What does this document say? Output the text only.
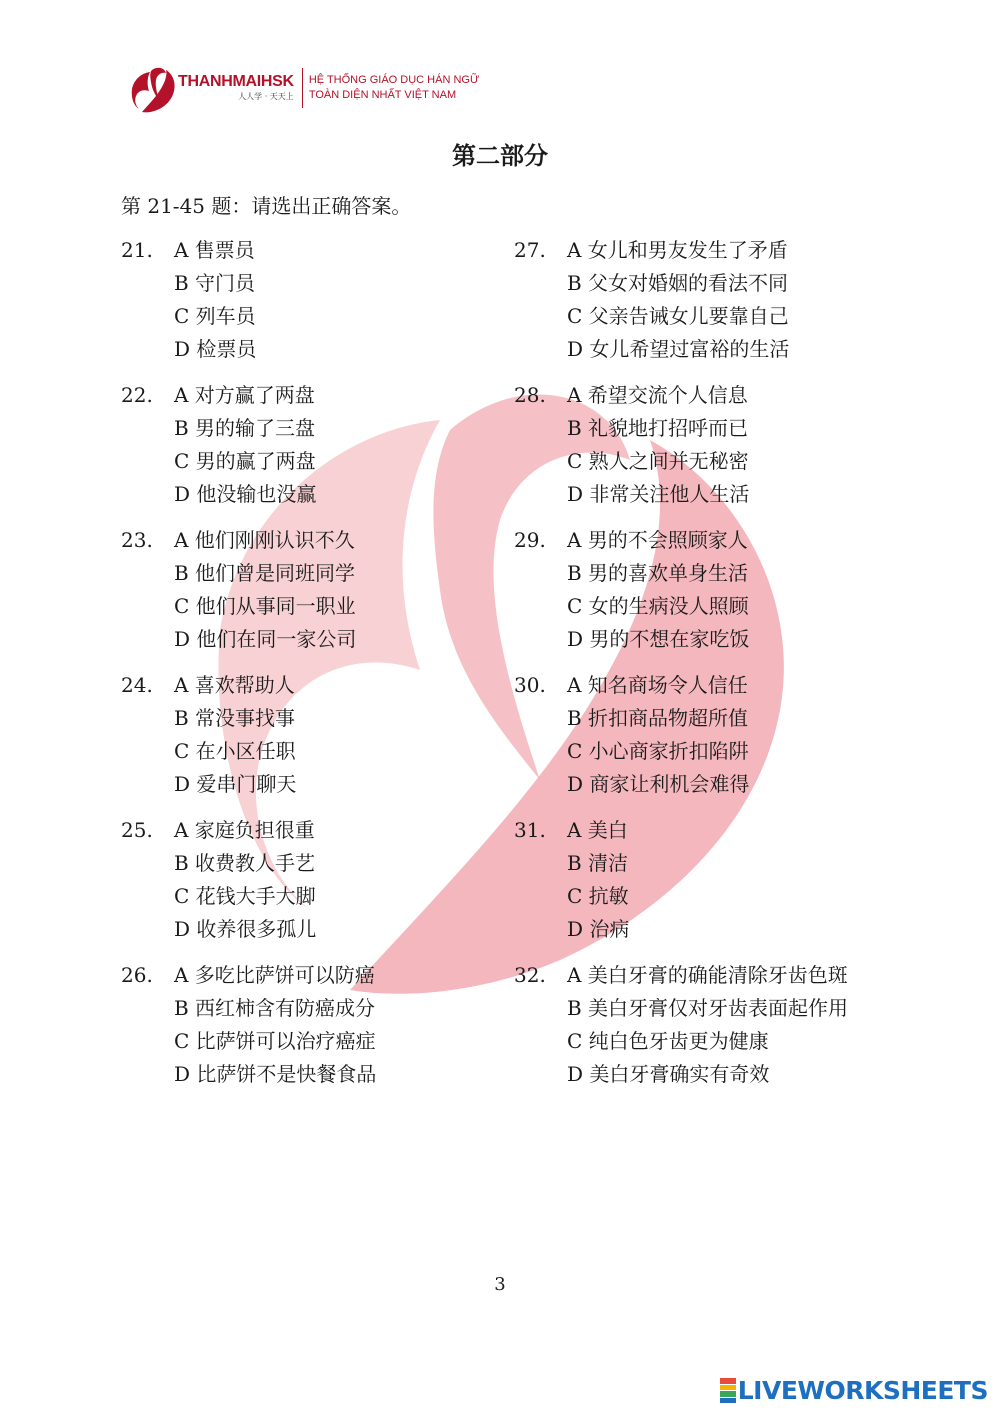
THANHMAIHSK
人人学 · 天天上
HỆ THỐNG GIÁO DỤC HÁN NGỮ
TOÀN DIỆN NHẤT VIỆT NAM
第二部分
第 21-45 题：请选出正确答案。
21. A 售票员
B 守门员
C 列车员
D 检票员
22. A 对方赢了两盘
B 男的输了三盘
C 男的赢了两盘
D 他没输也没赢
23. A 他们刚刚认识不久
B 他们曾是同班同学
C 他们从事同一职业
D 他们在同一家公司
24. A 喜欢帮助人
B 常没事找事
C 在小区任职
D 爱串门聊天
25. A 家庭负担很重
B 收费教人手艺
C 花钱大手大脚
D 收养很多孤儿
26. A 多吃比萨饼可以防癌
B 西红柿含有防癌成分
C 比萨饼可以治疗癌症
D 比萨饼不是快餐食品
27. A 女儿和男友发生了矛盾
B 父女对婚姻的看法不同
C 父亲告诫女儿要靠自己
D 女儿希望过富裕的生活
28. A 希望交流个人信息
B 礼貌地打招呼而已
C 熟人之间并无秘密
D 非常关注他人生活
29. A 男的不会照顾家人
B 男的喜欢单身生活
C 女的生病没人照顾
D 男的不想在家吃饭
30. A 知名商场令人信任
B 折扣商品物超所值
C 小心商家折扣陷阱
D 商家让利机会难得
31. A 美白
B 清洁
C 抗敏
D 治病
32. A 美白牙膏的确能清除牙齿色斑
B 美白牙膏仅对牙齿表面起作用
C 纯白色牙齿更为健康
D 美白牙膏确实有奇效
3
LIVEWORKSHEETS
